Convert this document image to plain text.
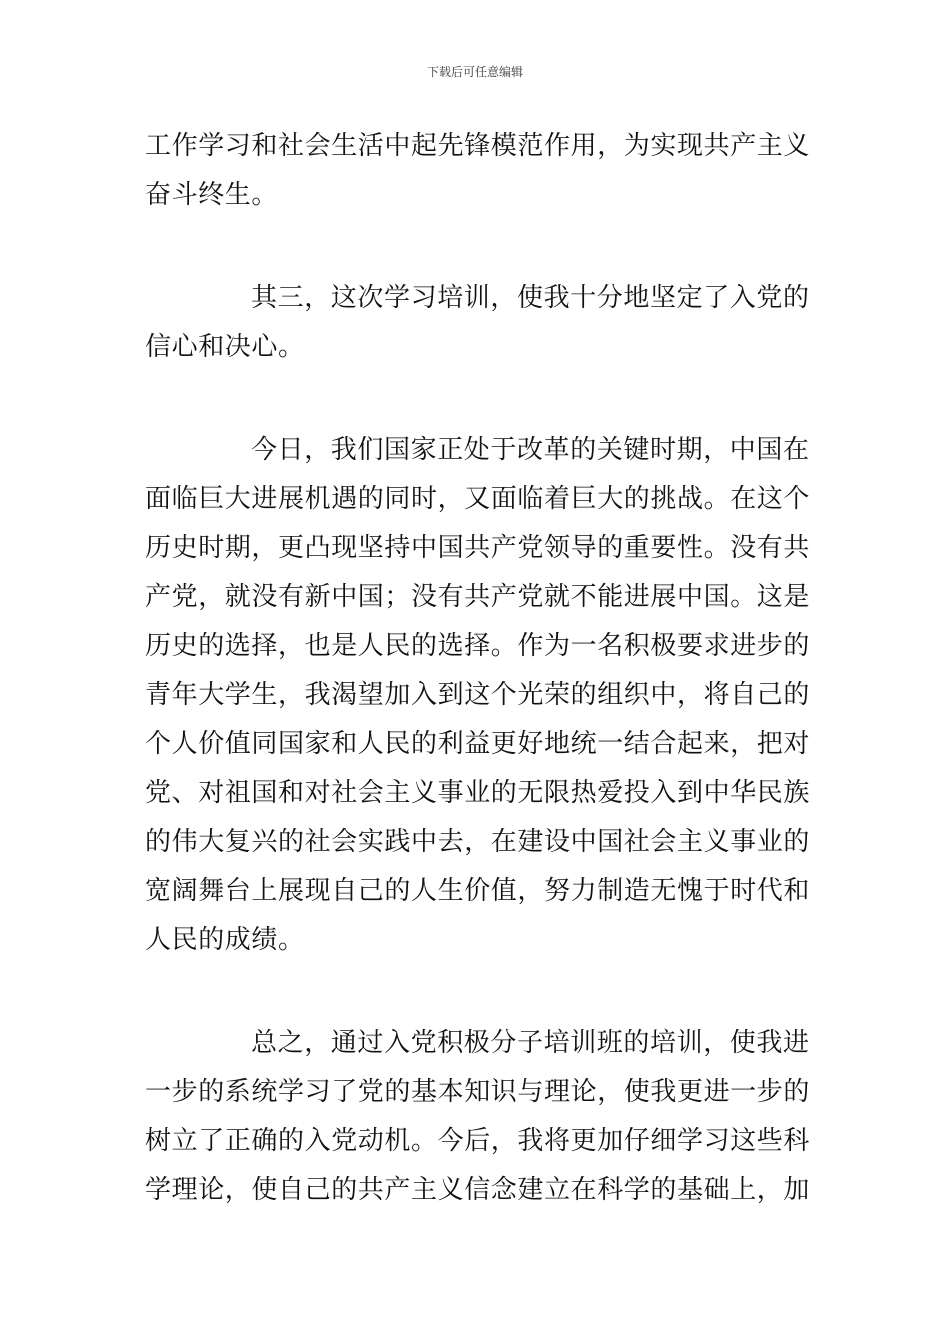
下载后可任意编辑
工作学习和社会生活中起先锋模范作用，为实现共产主义
奋斗终生。
其三，这次学习培训，使我十分地坚定了入党的
信心和决心。
今日，我们国家正处于改革的关键时期，中国在
面临巨大进展机遇的同时，又面临着巨大的挑战。在这个
历史时期，更凸现坚持中国共产党领导的重要性。没有共
产党，就没有新中国；没有共产党就不能进展中国。这是
历史的选择，也是人民的选择。作为一名积极要求进步的
青年大学生，我渴望加入到这个光荣的组织中，将自己的
个人价值同国家和人民的利益更好地统一结合起来，把对
党、对祖国和对社会主义事业的无限热爱投入到中华民族
的伟大复兴的社会实践中去，在建设中国社会主义事业的
宽阔舞台上展现自己的人生价值，努力制造无愧于时代和
人民的成绩。
总之，通过入党积极分子培训班的培训，使我进
一步的系统学习了党的基本知识与理论，使我更进一步的
树立了正确的入党动机。今后，我将更加仔细学习这些科
学理论，使自己的共产主义信念建立在科学的基础上，加
